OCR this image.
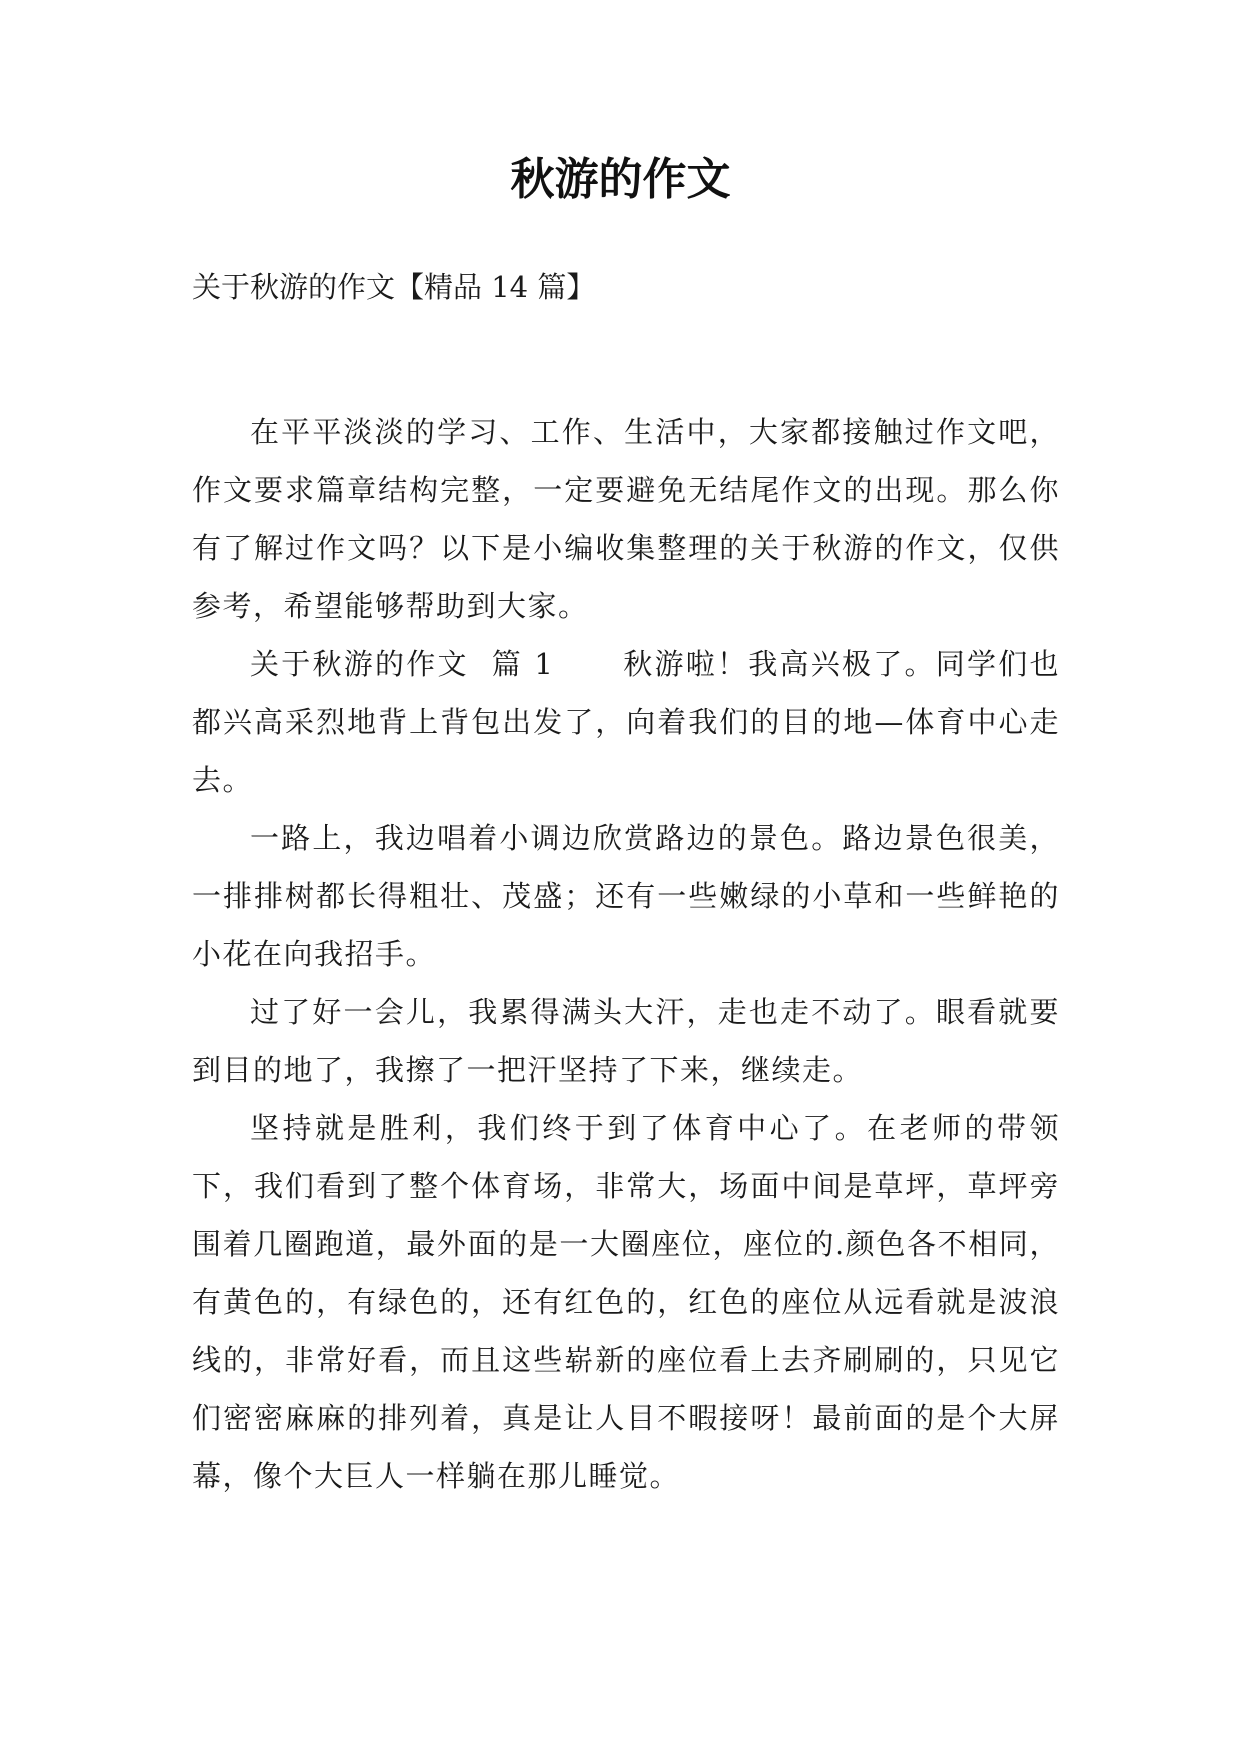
秋游的作文

关于秋游的作文【精品 14 篇】

在平平淡淡的学习、工作、生活中，大家都接触过作文吧，作文要求篇章结构完整，一定要避免无结尾作文的出现。那么你有了解过作文吗？以下是小编收集整理的关于秋游的作文，仅供参考，希望能够帮助到大家。

关于秋游的作文  篇 1      秋游啦！我高兴极了。同学们也都兴高采烈地背上背包出发了，向着我们的目的地—体育中心走去。

一路上，我边唱着小调边欣赏路边的景色。路边景色很美，一排排树都长得粗壮、茂盛；还有一些嫩绿的小草和一些鲜艳的小花在向我招手。

过了好一会儿，我累得满头大汗，走也走不动了。眼看就要到目的地了，我擦了一把汗坚持了下来，继续走。

坚持就是胜利，我们终于到了体育中心了。在老师的带领下，我们看到了整个体育场，非常大，场面中间是草坪，草坪旁围着几圈跑道，最外面的是一大圈座位，座位的.颜色各不相同，有黄色的，有绿色的，还有红色的，红色的座位从远看就是波浪线的，非常好看，而且这些崭新的座位看上去齐刷刷的，只见它们密密麻麻的排列着，真是让人目不暇接呀！最前面的是个大屏幕，像个大巨人一样躺在那儿睡觉。
